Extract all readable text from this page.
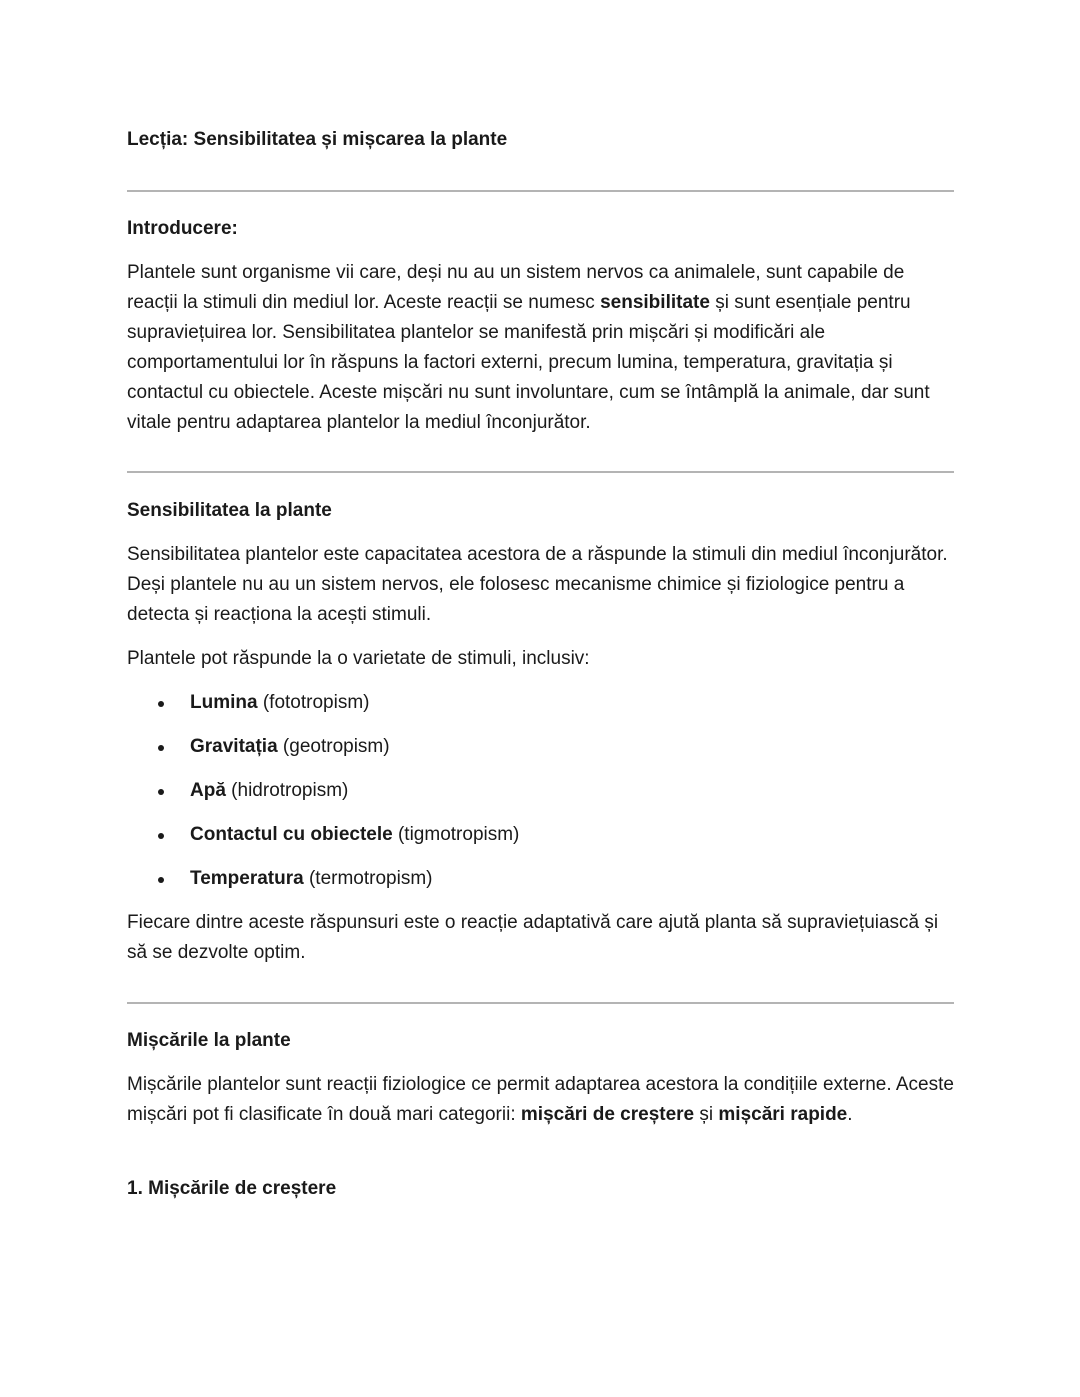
Lecția: Sensibilitatea și mișcarea la plante
Introducere:

Plantele sunt organisme vii care, deși nu au un sistem nervos ca animalele, sunt capabile de reacții la stimuli din mediul lor. Aceste reacții se numesc sensibilitate și sunt esențiale pentru supraviețuirea lor. Sensibilitatea plantelor se manifestă prin mișcări și modificări ale comportamentului lor în răspuns la factori externi, precum lumina, temperatura, gravitația și contactul cu obiectele. Aceste mișcări nu sunt involuntare, cum se întâmplă la animale, dar sunt vitale pentru adaptarea plantelor la mediul înconjurător.

Sensibilitatea la plante

Sensibilitatea plantelor este capacitatea acestora de a răspunde la stimuli din mediul înconjurător. Deși plantele nu au un sistem nervos, ele folosesc mecanisme chimice și fiziologice pentru a detecta și reacționa la acești stimuli.

Plantele pot răspunde la o varietate de stimuli, inclusiv:

Lumina (fototropism)
Gravitația (geotropism)
Apă (hidrotropism)
Contactul cu obiectele (tigmotropism)
Temperatura (termotropism)

Fiecare dintre aceste răspunsuri este o reacție adaptativă care ajută planta să supraviețuiască și să se dezvolte optim.

Mișcările la plante

Mișcările plantelor sunt reacții fiziologice ce permit adaptarea acestora la condițiile externe. Aceste mișcări pot fi clasificate în două mari categorii: mișcări de creștere și mișcări rapide.

1. Mișcările de creștere
